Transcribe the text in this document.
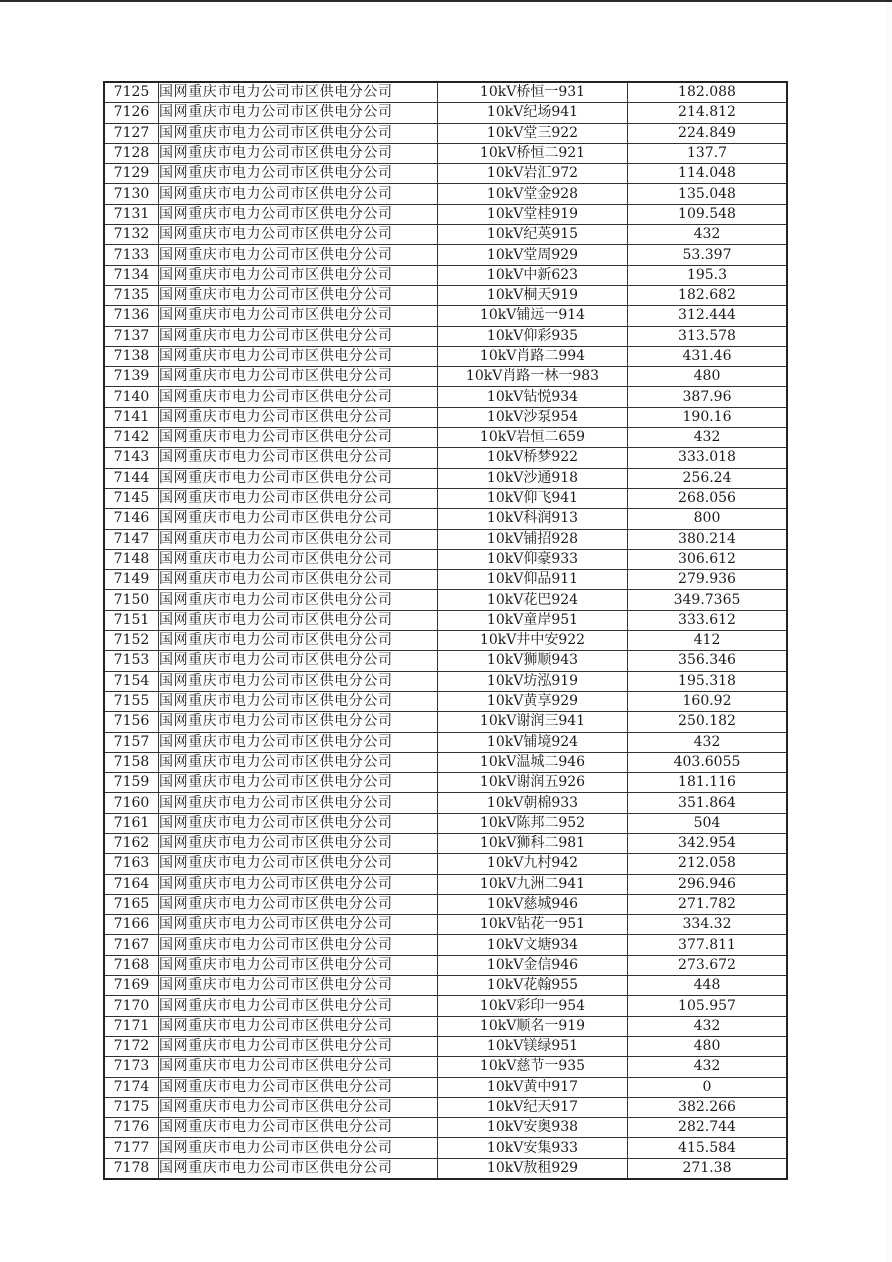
7125	国网重庆市电力公司市区供电分公司	10kV桥恒一931	182.088
7126	国网重庆市电力公司市区供电分公司	10kV纪场941	214.812
7127	国网重庆市电力公司市区供电分公司	10kV堂三922	224.849
7128	国网重庆市电力公司市区供电分公司	10kV桥恒二921	137.7
7129	国网重庆市电力公司市区供电分公司	10kV岩汇972	114.048
7130	国网重庆市电力公司市区供电分公司	10kV堂金928	135.048
7131	国网重庆市电力公司市区供电分公司	10kV堂桂919	109.548
7132	国网重庆市电力公司市区供电分公司	10kV纪英915	432
7133	国网重庆市电力公司市区供电分公司	10kV堂周929	53.397
7134	国网重庆市电力公司市区供电分公司	10kV中新623	195.3
7135	国网重庆市电力公司市区供电分公司	10kV桐天919	182.682
7136	国网重庆市电力公司市区供电分公司	10kV铺远一914	312.444
7137	国网重庆市电力公司市区供电分公司	10kV仰彩935	313.578
7138	国网重庆市电力公司市区供电分公司	10kV肖路二994	431.46
7139	国网重庆市电力公司市区供电分公司	10kV肖路一林一983	480
7140	国网重庆市电力公司市区供电分公司	10kV钻悦934	387.96
7141	国网重庆市电力公司市区供电分公司	10kV沙泵954	190.16
7142	国网重庆市电力公司市区供电分公司	10kV岩恒二659	432
7143	国网重庆市电力公司市区供电分公司	10kV桥梦922	333.018
7144	国网重庆市电力公司市区供电分公司	10kV沙通918	256.24
7145	国网重庆市电力公司市区供电分公司	10kV仰飞941	268.056
7146	国网重庆市电力公司市区供电分公司	10kV科润913	800
7147	国网重庆市电力公司市区供电分公司	10kV铺招928	380.214
7148	国网重庆市电力公司市区供电分公司	10kV仰豪933	306.612
7149	国网重庆市电力公司市区供电分公司	10kV仰品911	279.936
7150	国网重庆市电力公司市区供电分公司	10kV花巴924	349.7365
7151	国网重庆市电力公司市区供电分公司	10kV童岸951	333.612
7152	国网重庆市电力公司市区供电分公司	10kV井中安922	412
7153	国网重庆市电力公司市区供电分公司	10kV狮顺943	356.346
7154	国网重庆市电力公司市区供电分公司	10kV坊泓919	195.318
7155	国网重庆市电力公司市区供电分公司	10kV黄享929	160.92
7156	国网重庆市电力公司市区供电分公司	10kV谢润三941	250.182
7157	国网重庆市电力公司市区供电分公司	10kV铺境924	432
7158	国网重庆市电力公司市区供电分公司	10kV温城二946	403.6055
7159	国网重庆市电力公司市区供电分公司	10kV谢润五926	181.116
7160	国网重庆市电力公司市区供电分公司	10kV朝棉933	351.864
7161	国网重庆市电力公司市区供电分公司	10kV陈邦二952	504
7162	国网重庆市电力公司市区供电分公司	10kV狮科二981	342.954
7163	国网重庆市电力公司市区供电分公司	10kV九村942	212.058
7164	国网重庆市电力公司市区供电分公司	10kV九洲二941	296.946
7165	国网重庆市电力公司市区供电分公司	10kV慈城946	271.782
7166	国网重庆市电力公司市区供电分公司	10kV钻花一951	334.32
7167	国网重庆市电力公司市区供电分公司	10kV文塘934	377.811
7168	国网重庆市电力公司市区供电分公司	10kV金信946	273.672
7169	国网重庆市电力公司市区供电分公司	10kV花翰955	448
7170	国网重庆市电力公司市区供电分公司	10kV彩印一954	105.957
7171	国网重庆市电力公司市区供电分公司	10kV顺名一919	432
7172	国网重庆市电力公司市区供电分公司	10kV镁绿951	480
7173	国网重庆市电力公司市区供电分公司	10kV慈节一935	432
7174	国网重庆市电力公司市区供电分公司	10kV黄中917	0
7175	国网重庆市电力公司市区供电分公司	10kV纪天917	382.266
7176	国网重庆市电力公司市区供电分公司	10kV安奥938	282.744
7177	国网重庆市电力公司市区供电分公司	10kV安集933	415.584
7178	国网重庆市电力公司市区供电分公司	10kV敖租929	271.38
